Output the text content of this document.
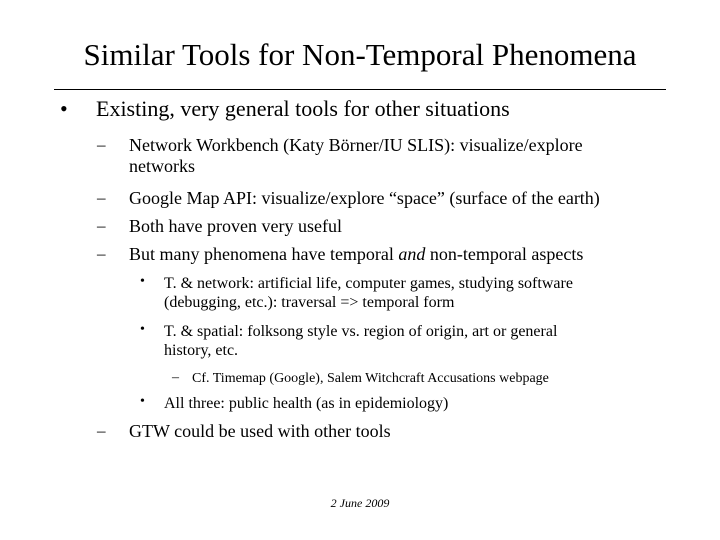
Similar Tools for Non-Temporal Phenomena
• Existing, very general tools for other situations
– Network Workbench (Katy Börner/IU SLIS): visualize/explore
networks
– Google Map API: visualize/explore “space” (surface of the earth)
– Both have proven very useful
– But many phenomena have temporal and non-temporal aspects
• T. & network: artificial life, computer games, studying software
(debugging, etc.): traversal => temporal form
• T. & spatial: folksong style vs. region of origin, art or general
history, etc.
– Cf. Timemap (Google), Salem Witchcraft Accusations webpage
• All three: public health (as in epidemiology)
– GTW could be used with other tools
2 June 2009
